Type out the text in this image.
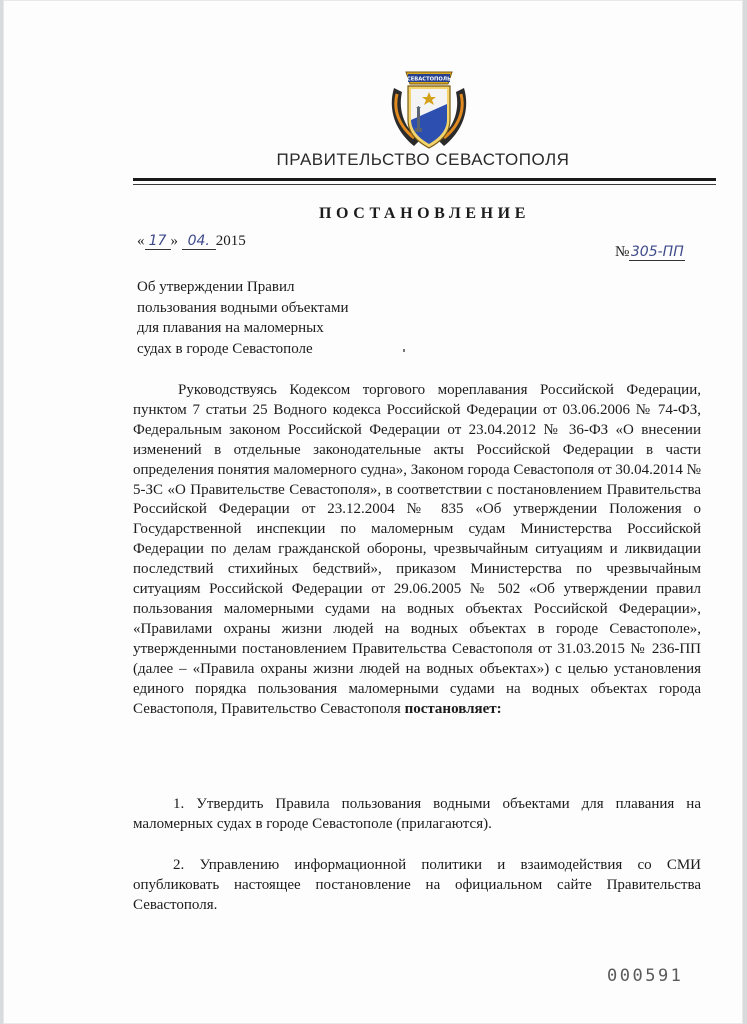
СЕВАСТОПОЛЬ
ПРАВИТЕЛЬСТВО СЕВАСТОПОЛЯ
ПОСТАНОВЛЕНИЕ
« 17 » 04. 2015
№ 305-ПП
Об утверждении Правил
пользования водными объектами
для плавания на маломерных
судах в городе Севастополе

Руководствуясь Кодексом торгового мореплавания Российской Федерации, пунктом 7 статьи 25 Водного кодекса Российской Федерации от 03.06.2006 № 74-ФЗ, Федеральным законом Российской Федерации от 23.04.2012 № 36-ФЗ «О внесении изменений в отдельные законодательные акты Российской Федерации в части определения понятия маломерного судна», Законом города Севастополя от 30.04.2014 № 5-ЗС «О Правительстве Севастополя», в соответствии с постановлением Правительства Российской Федерации от 23.12.2004 № 835 «Об утверждении Положения о Государственной инспекции по маломерным судам Министерства Российской Федерации по делам гражданской обороны, чрезвычайным ситуациям и ликвидации последствий стихийных бедствий», приказом Министерства по чрезвычайным ситуациям Российской Федерации от 29.06.2005 № 502 «Об утверждении правил пользования маломерными судами на водных объектах Российской Федерации», «Правилами охраны жизни людей на водных объектах в городе Севастополе», утвержденными постановлением Правительства Севастополя от 31.03.2015 № 236-ПП (далее – «Правила охраны жизни людей на водных объектах») с целью установления единого порядка пользования маломерными судами на водных объектах города Севастополя, Правительство Севастополя постановляет:

1. Утвердить Правила пользования водными объектами для плавания на маломерных судах в городе Севастополе (прилагаются).

2. Управлению информационной политики и взаимодействия со СМИ опубликовать настоящее постановление на официальном сайте Правительства Севастополя.

000591
